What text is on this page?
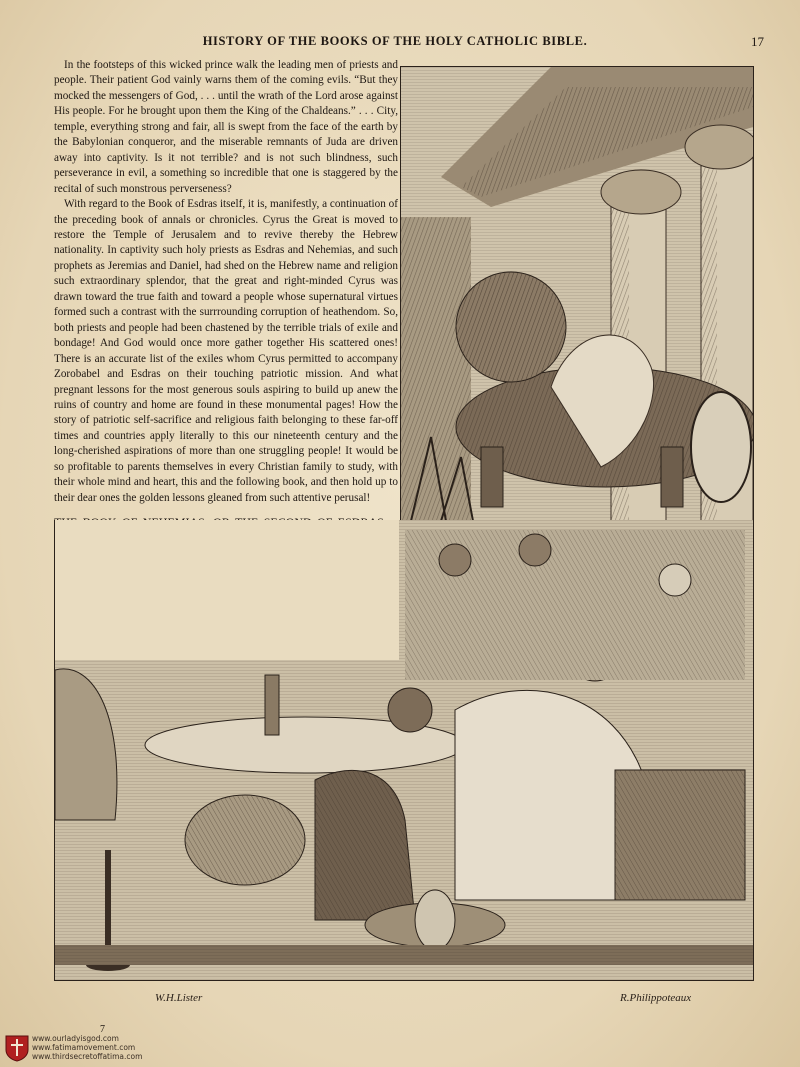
HISTORY OF THE BOOKS OF THE HOLY CATHOLIC BIBLE.	17

In the footsteps of this wicked prince walk the leading men of priests and people. Their patient God vainly warns them of the coming evils. “But they mocked the messengers of God, . . . until the wrath of the Lord arose against His people. For he brought upon them the King of the Chaldeans.” . . . City, temple, everything strong and fair, all is swept from the face of the earth by the Babylonian conqueror, and the miserable remnants of Juda are driven away into captivity. Is it not terrible? and is not such blindness, such perseverance in evil, a something so incredible that one is staggered by the recital of such monstrous perverseness?

With regard to the Book of Esdras itself, it is, manifestly, a continuation of the preceding book of annals or chronicles. Cyrus the Great is moved to restore the Temple of Jerusalem and to revive thereby the Hebrew nationality. In captivity such holy priests as Esdras and Nehemias, and such prophets as Jeremias and Daniel, had shed on the Hebrew name and religion such extraordinary splendor, that the great and right-minded Cyrus was drawn toward the true faith and toward a people whose supernatural virtues formed such a contrast with the surrrounding corruption of heathendom. So, both priests and people had been chastened by the terrible trials of exile and bondage! And God would once more gather together His scattered ones! There is an accurate list of the exiles whom Cyrus permitted to accompany Zorobabel and Esdras on their touching patriotic mission. And what pregnant lessons for the most generous souls aspiring to build up anew the ruins of country and home are found in these monumental pages! How the story of patriotic self-sacrifice and religious faith belonging to these far-off times and countries apply literally to this our nineteenth century and the long-cherished aspirations of more than one struggling people! It would be so profitable to parents themselves in every Christian family to study, with their whole mind and heart, this and the following book, and then hold up to their dear ones the golden lessons gleaned from such attentive perusal!

W.H.Lister	R.Philippoteaux
7
www.ourladyisgod.com
www.fatimamovement.com
www.thirdsecretoffatima.com
